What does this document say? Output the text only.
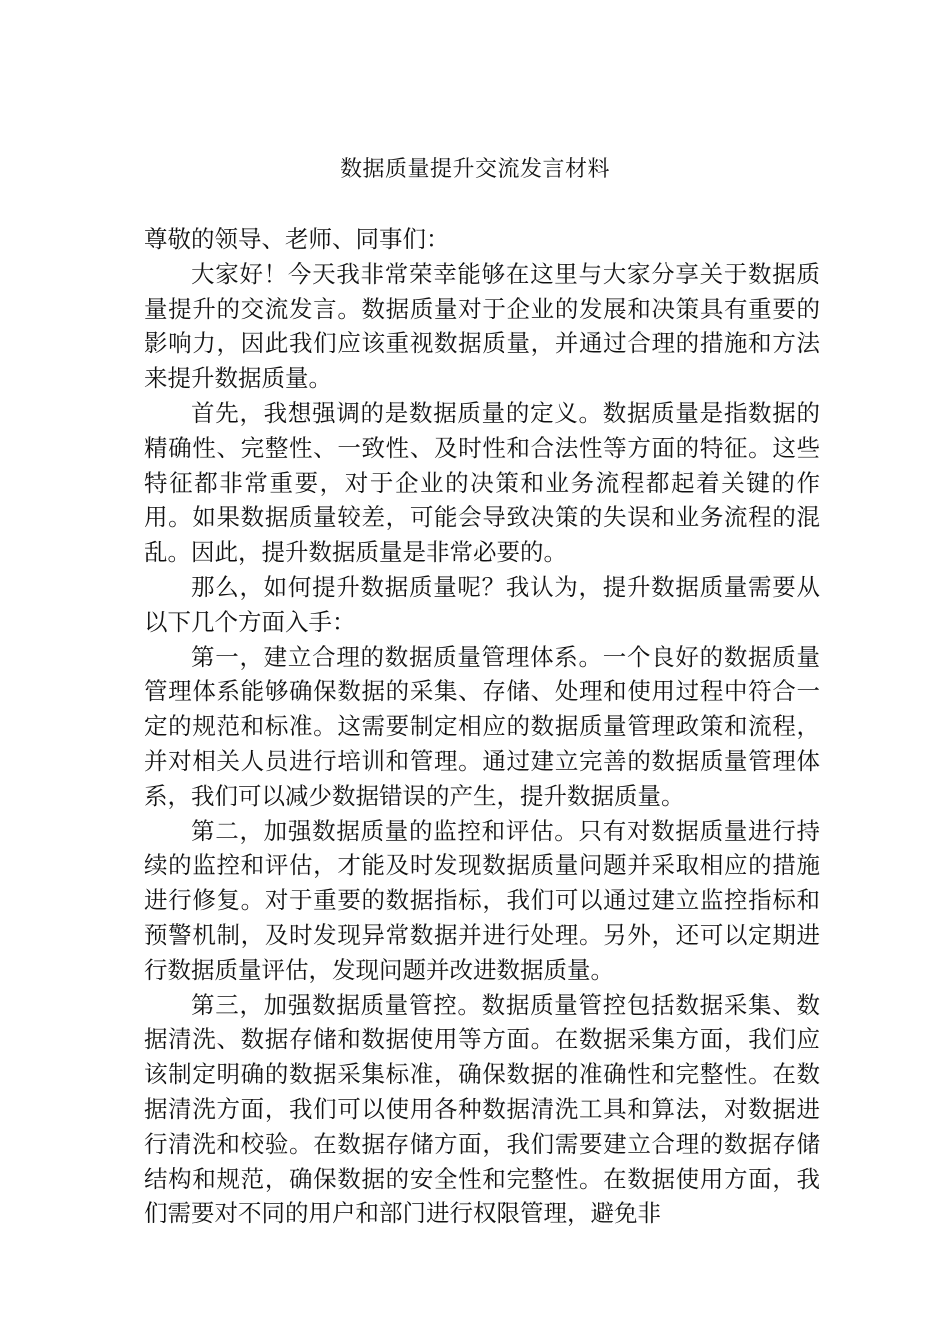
数据质量提升交流发言材料

尊敬的领导、老师、同事们：

大家好！今天我非常荣幸能够在这里与大家分享关于数据质量提升的交流发言。数据质量对于企业的发展和决策具有重要的影响力，因此我们应该重视数据质量，并通过合理的措施和方法来提升数据质量。

首先，我想强调的是数据质量的定义。数据质量是指数据的精确性、完整性、一致性、及时性和合法性等方面的特征。这些特征都非常重要，对于企业的决策和业务流程都起着关键的作用。如果数据质量较差，可能会导致决策的失误和业务流程的混乱。因此，提升数据质量是非常必要的。

那么，如何提升数据质量呢？我认为，提升数据质量需要从以下几个方面入手：

第一，建立合理的数据质量管理体系。一个良好的数据质量管理体系能够确保数据的采集、存储、处理和使用过程中符合一定的规范和标准。这需要制定相应的数据质量管理政策和流程，并对相关人员进行培训和管理。通过建立完善的数据质量管理体系，我们可以减少数据错误的产生，提升数据质量。

第二，加强数据质量的监控和评估。只有对数据质量进行持续的监控和评估，才能及时发现数据质量问题并采取相应的措施进行修复。对于重要的数据指标，我们可以通过建立监控指标和预警机制，及时发现异常数据并进行处理。另外，还可以定期进行数据质量评估，发现问题并改进数据质量。

第三，加强数据质量管控。数据质量管控包括数据采集、数据清洗、数据存储和数据使用等方面。在数据采集方面，我们应该制定明确的数据采集标准，确保数据的准确性和完整性。在数据清洗方面，我们可以使用各种数据清洗工具和算法，对数据进行清洗和校验。在数据存储方面，我们需要建立合理的数据存储结构和规范，确保数据的安全性和完整性。在数据使用方面，我们需要对不同的用户和部门进行权限管理，避免非
